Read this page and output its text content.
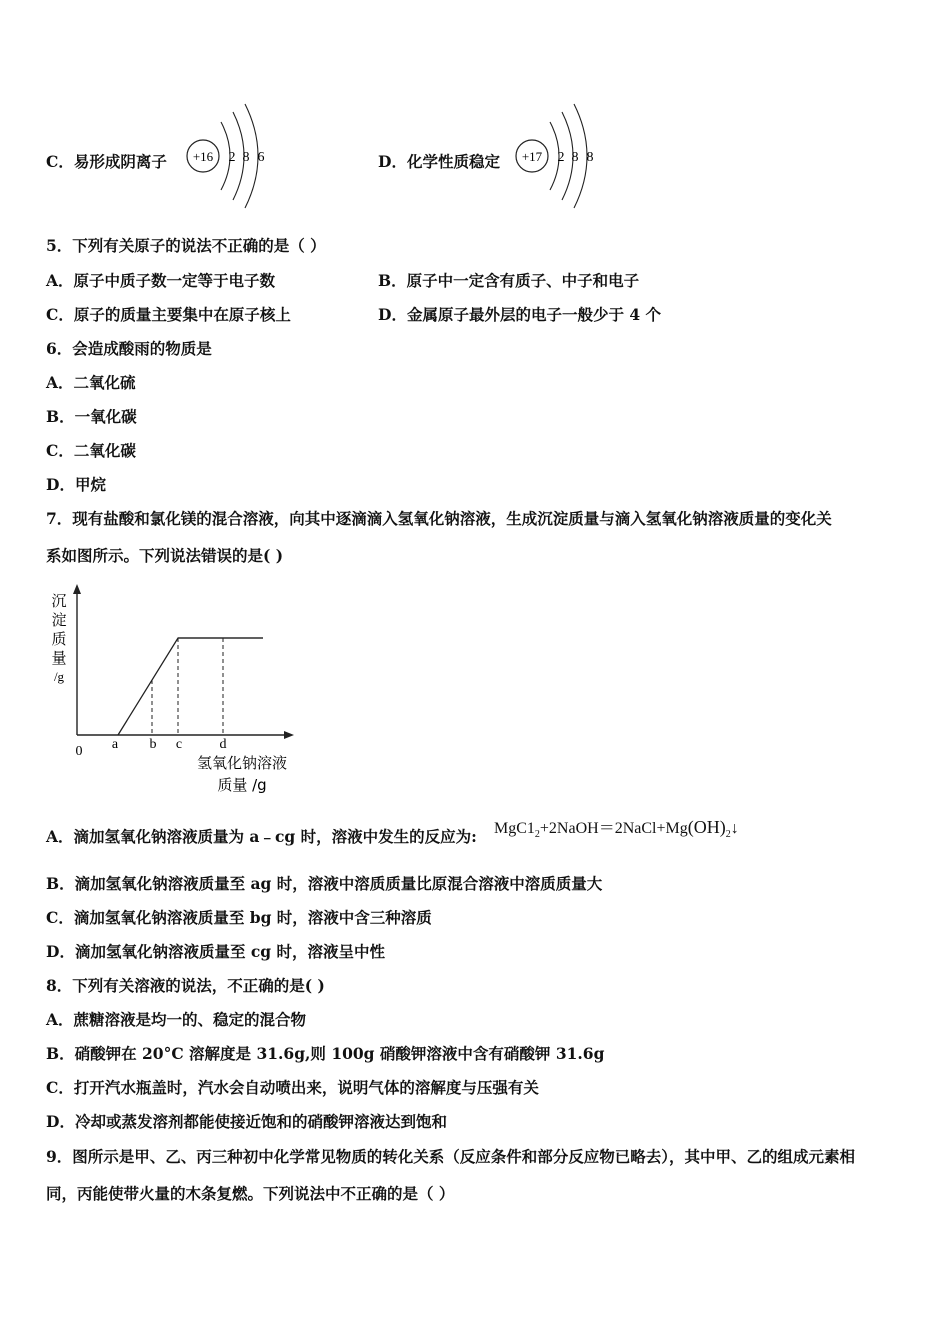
C．易形成阴离子 +16 2 8 6	D．化学性质稳定 +17 2 8 8
5．下列有关原子的说法不正确的是（ ）
A．原子中质子数一定等于电子数	B．原子中一定含有质子、中子和电子
C．原子的质量主要集中在原子核上	D．金属原子最外层的电子一般少于 4 个
6．会造成酸雨的物质是
A．二氧化硫
B．一氧化碳
C．二氧化碳
D．甲烷
7．现有盐酸和氯化镁的混合溶液，向其中逐滴滴入氢氧化钠溶液，生成沉淀质量与滴入氢氧化钠溶液质量的变化关
系如图所示。下列说法错误的是( )
沉
淀
质
量
/g
0 a b c	d
氢氧化钠溶液
质量 /g
A．滴加氢氧化钠溶液质量为 a﹣cg 时，溶液中发生的反应为: $MgC1_2+2NaOH=2NaCl+Mg(OH)_2↓$
B．滴加氢氧化钠溶液质量至 ag 时，溶液中溶质质量比原混合溶液中溶质质量大
C．滴加氢氧化钠溶液质量至 bg 时，溶液中含三种溶质
D．滴加氢氧化钠溶液质量至 cg 时，溶液呈中性
8．下列有关溶液的说法，不正确的是( )
A．蔗糖溶液是均一的、稳定的混合物
B．硝酸钾在 20°C 溶解度是 31.6g,则 100g 硝酸钾溶液中含有硝酸钾 31.6g
C．打开汽水瓶盖时，汽水会自动喷出来，说明气体的溶解度与压强有关
D．冷却或蒸发溶剂都能使接近饱和的硝酸钾溶液达到饱和
9．图所示是甲、乙、丙三种初中化学常见物质的转化关系（反应条件和部分反应物已略去），其中甲、乙的组成元素相
同，丙能使带火量的木条复燃。下列说法中不正确的是（ ）
